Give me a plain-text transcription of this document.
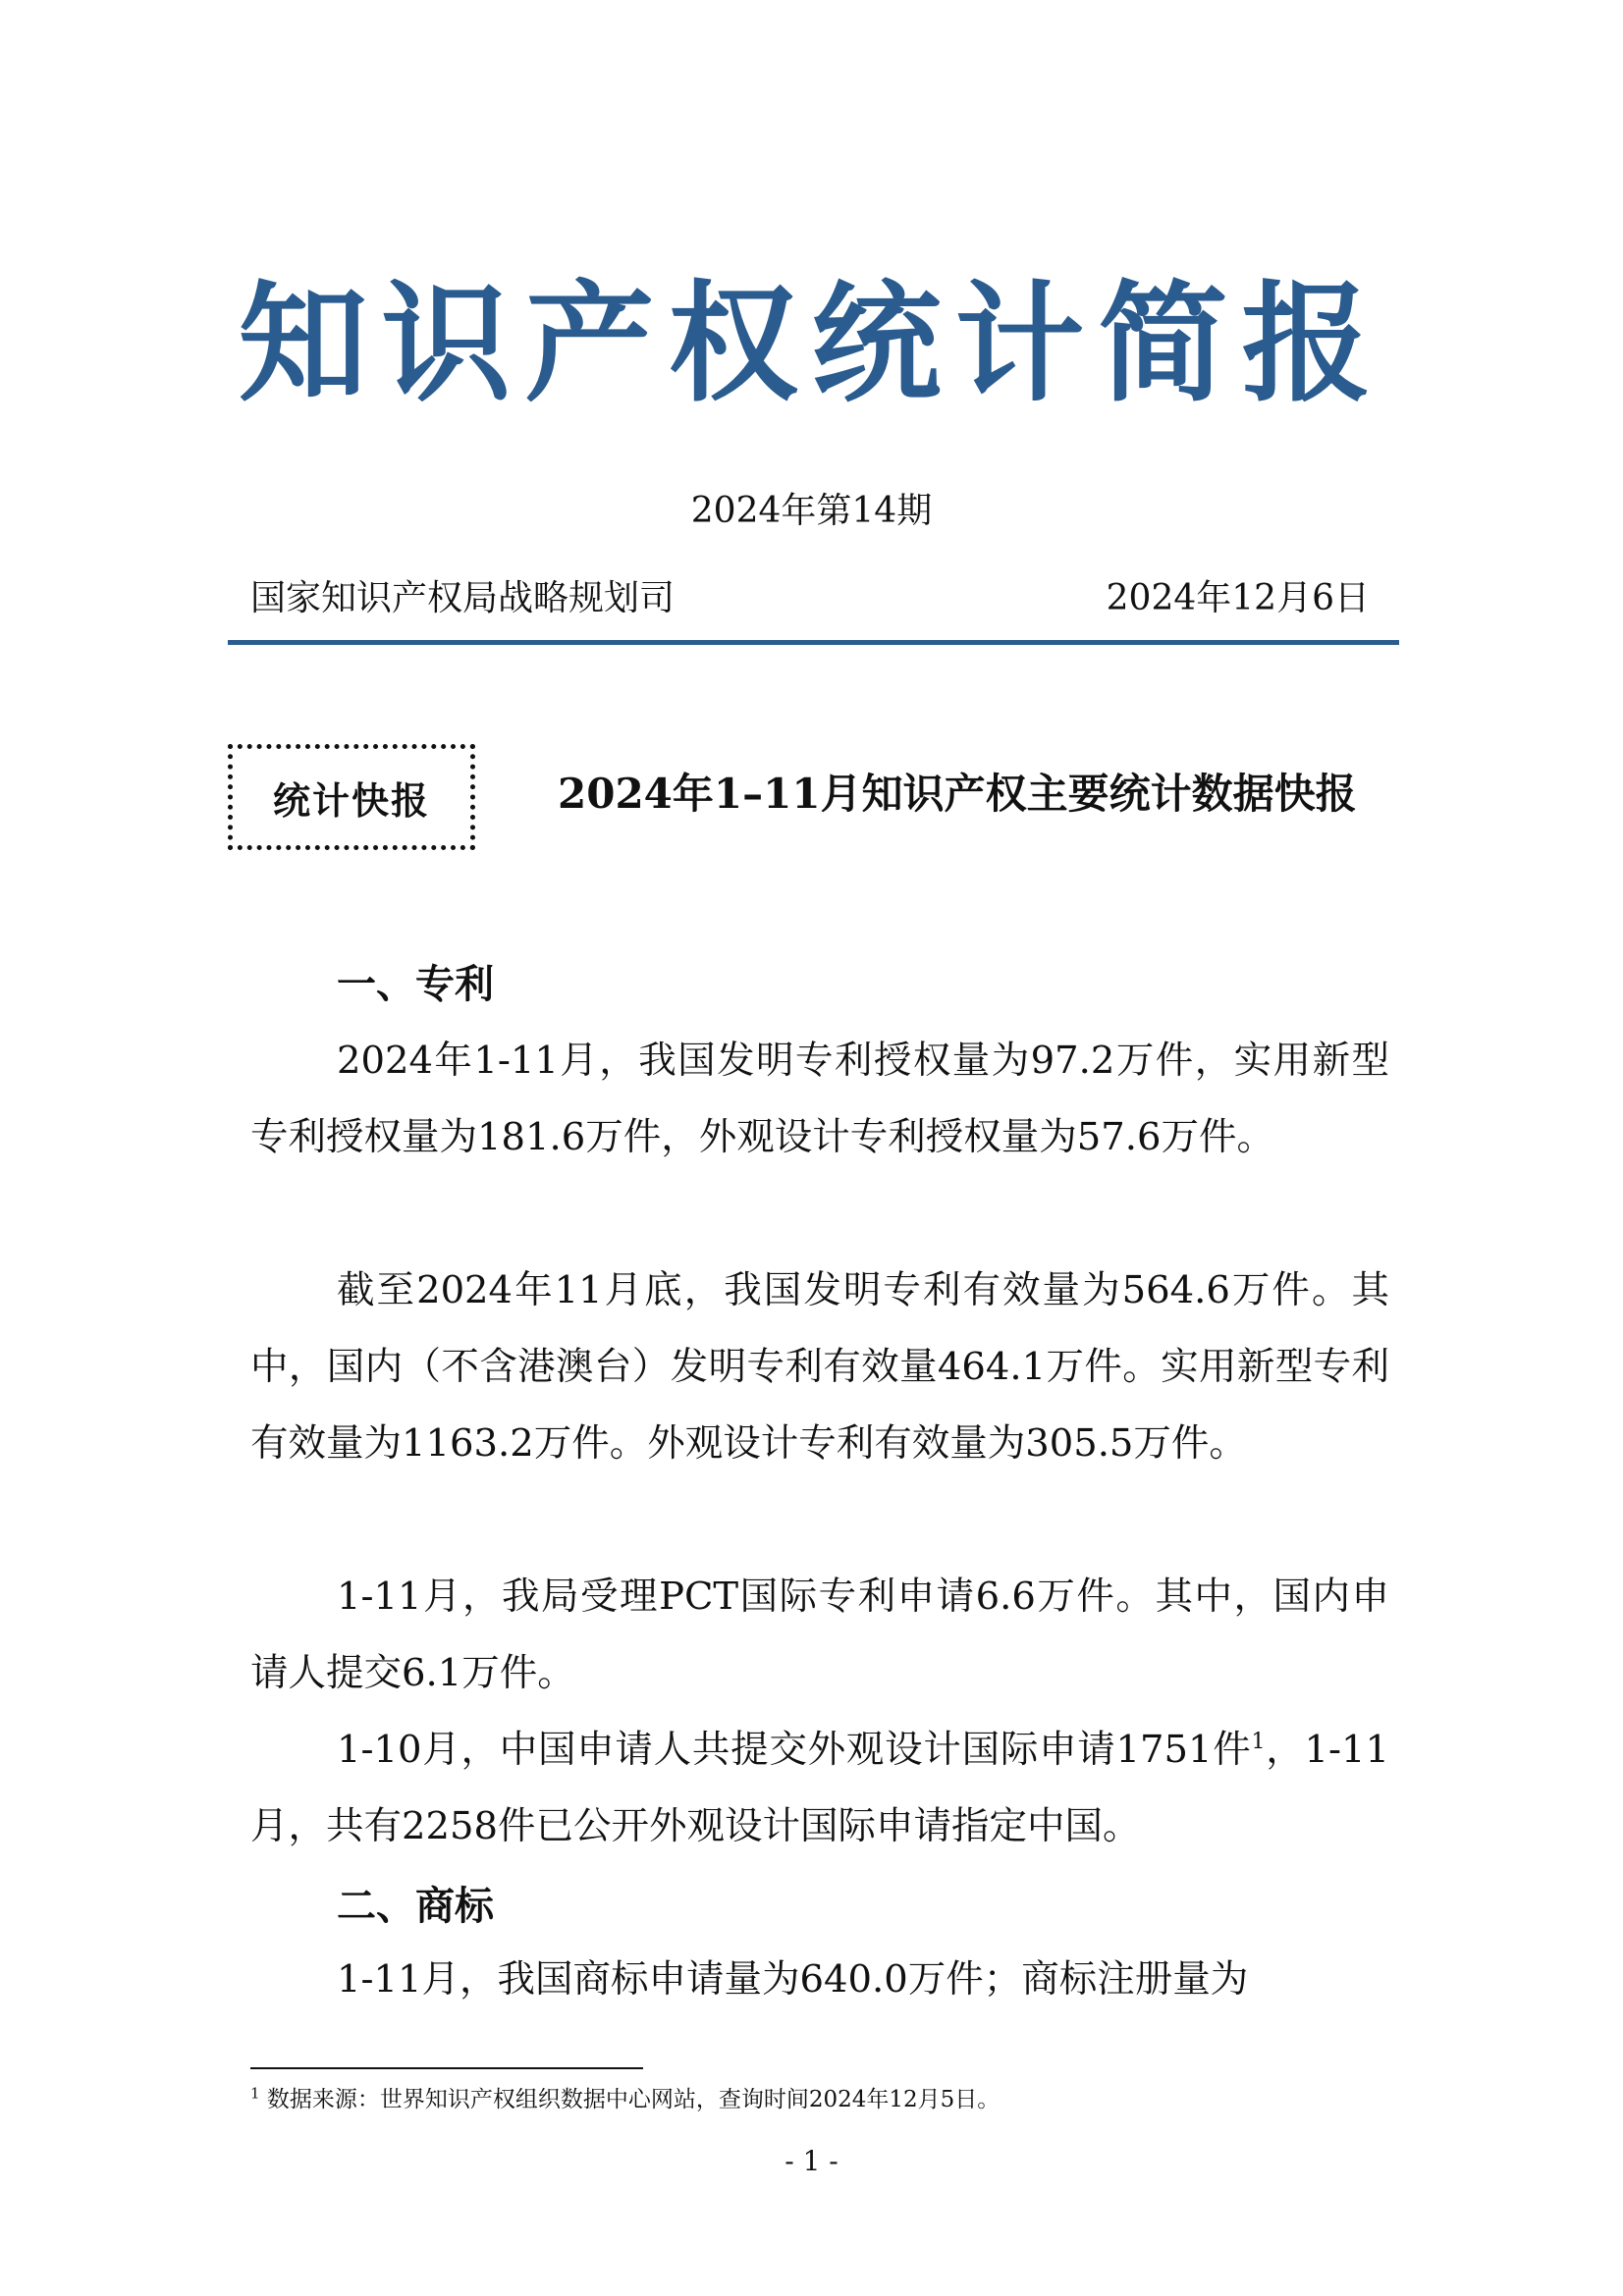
知识产权统计简报
2024年第14期
国家知识产权局战略规划司	2024年12月6日
统计快报	2024年1–11月知识产权主要统计数据快报
一、专利

2024年1-11月，我国发明专利授权量为97.2万件，实用新型专利授权量为181.6万件，外观设计专利授权量为57.6万件。

截至2024年11月底，我国发明专利有效量为564.6万件。其中，国内（不含港澳台）发明专利有效量464.1万件。实用新型专利有效量为1163.2万件。外观设计专利有效量为305.5万件。

1-11月，我局受理PCT国际专利申请6.6万件。其中，国内申请人提交6.1万件。

1-10月，中国申请人共提交外观设计国际申请1751件$^1$，1-11月，共有2258件已公开外观设计国际申请指定中国。

二、商标

1-11月，我国商标申请量为640.0万件；商标注册量为

$^1$ 数据来源：世界知识产权组织数据中心网站，查询时间2024年12月5日。
- 1 -
